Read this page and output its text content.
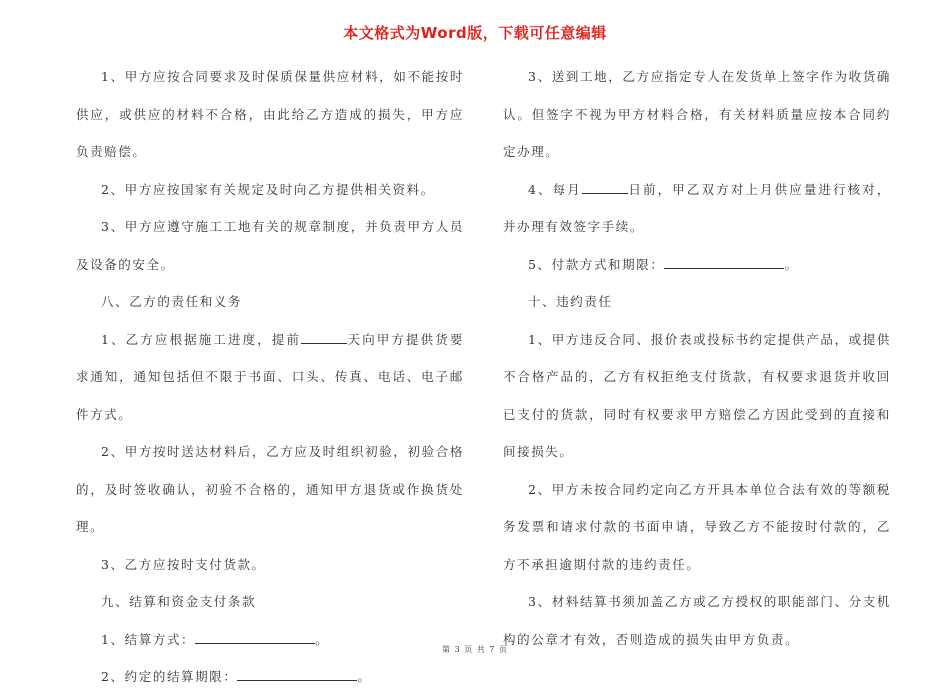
本文格式为Word版，下载可任意编辑

1、甲方应按合同要求及时保质保量供应材料，如不能按时供应，或供应的材料不合格，由此给乙方造成的损失，甲方应负责赔偿。

2、甲方应按国家有关规定及时向乙方提供相关资料。

3、甲方应遵守施工工地有关的规章制度，并负责甲方人员及设备的安全。

八、乙方的责任和义务

1、乙方应根据施工进度，提前	天向甲方提供货要求通知，通知包括但不限于书面、口头、传真、电话、电子邮件方式。

2、甲方按时送达材料后，乙方应及时组织初验，初验合格的，及时签收确认，初验不合格的，通知甲方退货或作换货处理。

3、乙方应按时支付货款。

九、结算和资金支付条款

1、结算方式：	。

2、约定的结算期限：	。

3、送到工地，乙方应指定专人在发货单上签字作为收货确认。但签字不视为甲方材料合格，有关材料质量应按本合同约定办理。

4、每月	日前，甲乙双方对上月供应量进行核对，并办理有效签字手续。

5、付款方式和期限：	。

十、违约责任

1、甲方违反合同、报价表或投标书约定提供产品，或提供不合格产品的，乙方有权拒绝支付货款，有权要求退货并收回已支付的货款，同时有权要求甲方赔偿乙方因此受到的直接和间接损失。

2、甲方未按合同约定向乙方开具本单位合法有效的等额税务发票和请求付款的书面申请，导致乙方不能按时付款的，乙方不承担逾期付款的违约责任。

3、材料结算书须加盖乙方或乙方授权的职能部门、分支机构的公章才有效，否则造成的损失由甲方负责。

第 3 页 共 7 页
